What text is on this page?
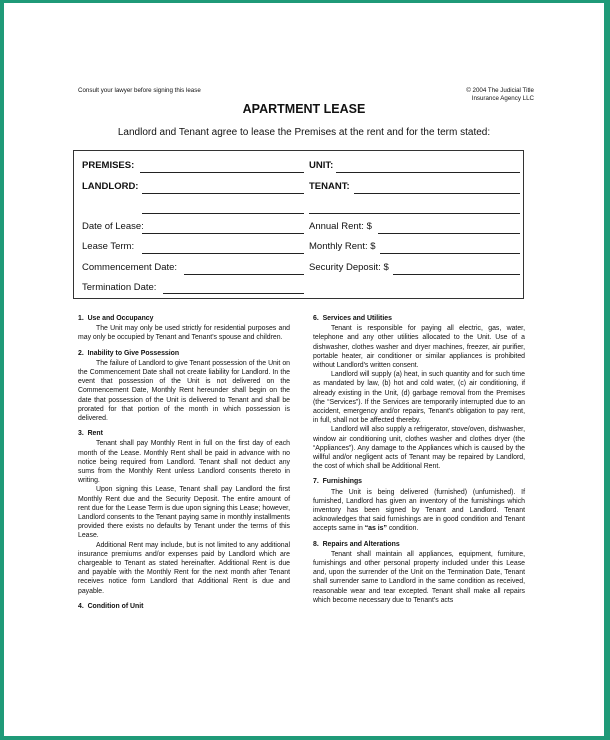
Consult your lawyer before signing this lease	© 2004 The Judicial Title
Insurance Agency LLC
APARTMENT LEASE
Landlord and Tenant agree to lease the Premises at the rent and for the term stated:
PREMISES:	UNIT:
LANDLORD:	TENANT:
Date of Lease:	Annual Rent: $
Lease Term:	Monthly Rent: $
Commencement Date:	Security Deposit: $
Termination Date:
1.  Use and Occupancy
The Unit may only be used strictly for residential purposes and may only be occupied by Tenant and Tenant's spouse and children.
2.  Inability to Give Possession
The failure of Landlord to give Tenant possession of the Unit on the Commencement Date shall not create liability for Landlord. In the event that possession of the Unit is not delivered on the Commencement Date, Monthly Rent hereunder shall begin on the date that possession of the Unit is delivered to Tenant and shall be prorated for that portion of the month in which possession is delivered.
3.  Rent
Tenant shall pay Monthly Rent in full on the first day of each month of the Lease. Monthly Rent shall be paid in advance with no notice being required from Landlord. Tenant shall not deduct any sums from the Monthly Rent unless Landlord consents thereto in writing.
Upon signing this Lease, Tenant shall pay Landlord the first Monthly Rent due and the Security Deposit. The entire amount of rent due for the Lease Term is due upon signing this Lease; however, Landlord consents to the Tenant paying same in monthly installments provided there exists no defaults by Tenant under the terms of this Lease.
Additional Rent may include, but is not limited to any additional insurance premiums and/or expenses paid by Landlord which are chargeable to Tenant as stated hereinafter. Additional Rent is due and payable with the Monthly Rent for the next month after Tenant receives notice form Landlord that Additional Rent is due and payable.
4.  Condition of Unit
6.  Services and Utilities
Tenant is responsible for paying all electric, gas, water, telephone and any other utilities allocated to the Unit. Use of a dishwasher, clothes washer and dryer machines, freezer, air purifier, portable heater, air conditioner or similar appliances is prohibited without Landlord's written consent.
Landlord will supply (a) heat, in such quantity and for such time as mandated by law, (b) hot and cold water, (c) air conditioning, if already existing in the Unit, (d) garbage removal from the Premises (the “Services”). If the Services are temporarily interrupted due to an accident, emergency and/or repairs, Tenant's obligation to pay rent, in full, shall not be affected thereby.
Landlord will also supply a refrigerator, stove/oven, dishwasher, window air conditioning unit, clothes washer and clothes dryer (the “Appliances”). Any damage to the Appliances which is caused by the willful and/or negligent acts of Tenant may be repaired by Landlord, the cost of which shall be Additional Rent.
7.  Furnishings
The Unit is being delivered (furnished) (unfurnished). If furnished, Landlord has given an inventory of the furnishings which inventory has been signed by Tenant and Landlord. Tenant acknowledges that said furnishings are in good condition and Tenant accepts same in “as is” condition.
8.  Repairs and Alterations
Tenant shall maintain all appliances, equipment, furniture, furnishings and other personal property included under this Lease and, upon the surrender of the Unit on the Termination Date, Tenant shall surrender same to Landlord in the same condition as received, reasonable wear and tear excepted. Tenant shall make all repairs which become necessary due to Tenant's acts
